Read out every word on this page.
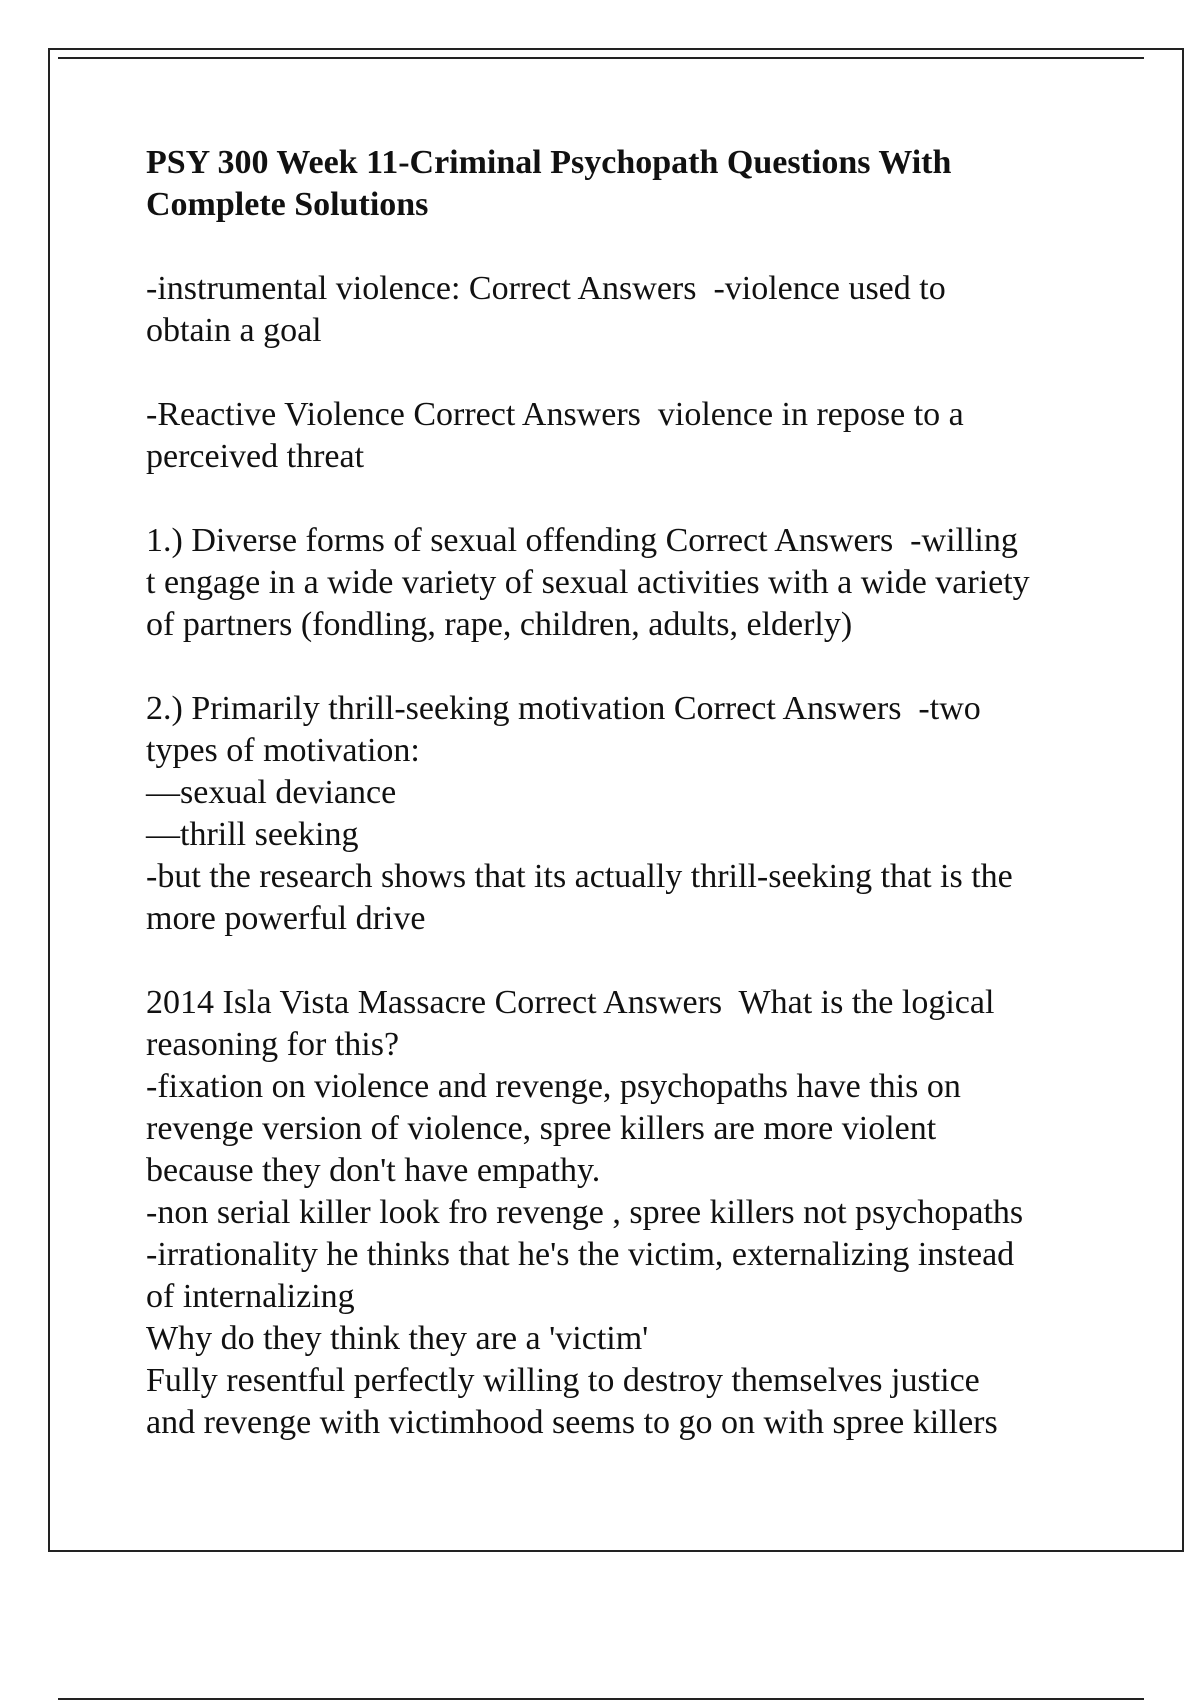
PSY 300 Week 11-Criminal Psychopath Questions With Complete Solutions
-instrumental violence: Correct Answers  -violence used to
obtain a goal
-Reactive Violence Correct Answers  violence in repose to a
perceived threat
1.) Diverse forms of sexual offending Correct Answers  -willing
t engage in a wide variety of sexual activities with a wide variety
of partners (fondling, rape, children, adults, elderly)
2.) Primarily thrill-seeking motivation Correct Answers  -two
types of motivation:
—sexual deviance
—thrill seeking
-but the research shows that its actually thrill-seeking that is the
more powerful drive
2014 Isla Vista Massacre Correct Answers  What is the logical
reasoning for this?
-fixation on violence and revenge, psychopaths have this on
revenge version of violence, spree killers are more violent
because they don't have empathy.
-non serial killer look fro revenge , spree killers not psychopaths
-irrationality he thinks that he's the victim, externalizing instead
of internalizing
Why do they think they are a 'victim'
Fully resentful perfectly willing to destroy themselves justice
and revenge with victimhood seems to go on with spree killers
